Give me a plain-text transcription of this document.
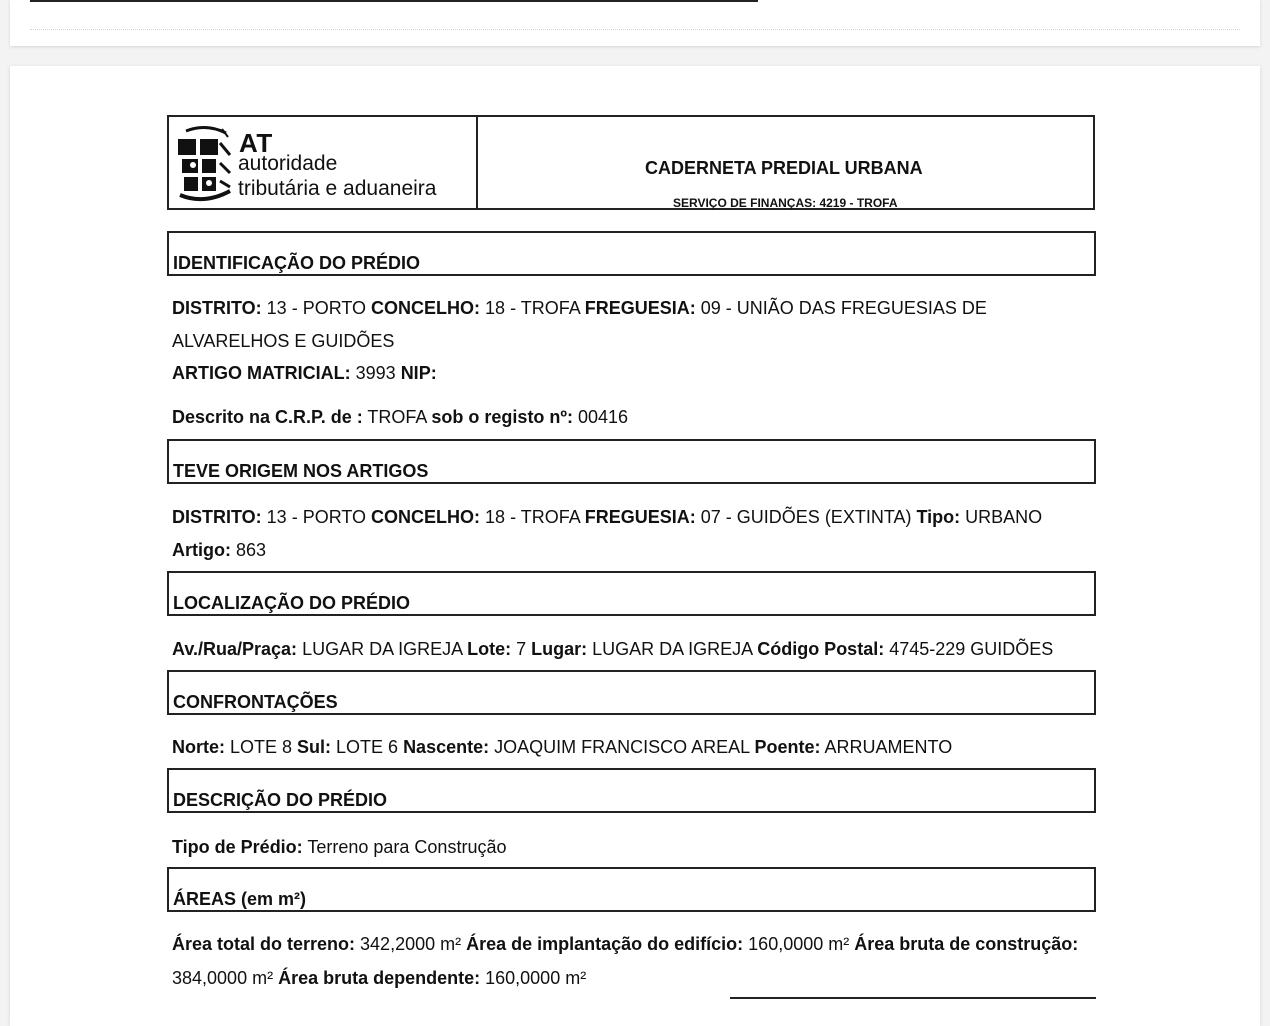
AT
autoridade
tributária e aduaneira
CADERNETA PREDIAL URBANA
SERVIÇO DE FINANÇAS: 4219 - TROFA
IDENTIFICAÇÃO DO PRÉDIO
DISTRITO: 13 - PORTO CONCELHO: 18 - TROFA FREGUESIA: 09 - UNIÃO DAS FREGUESIAS DE
ALVARELHOS E GUIDÕES
ARTIGO MATRICIAL: 3993 NIP:
Descrito na C.R.P. de : TROFA sob o registo nº: 00416
TEVE ORIGEM NOS ARTIGOS
DISTRITO: 13 - PORTO CONCELHO: 18 - TROFA FREGUESIA: 07 - GUIDÕES (EXTINTA) Tipo: URBANO
Artigo: 863
LOCALIZAÇÃO DO PRÉDIO
Av./Rua/Praça: LUGAR DA IGREJA Lote: 7 Lugar: LUGAR DA IGREJA Código Postal: 4745-229 GUIDÕES
CONFRONTAÇÕES
Norte: LOTE 8 Sul: LOTE 6 Nascente: JOAQUIM FRANCISCO AREAL Poente: ARRUAMENTO
DESCRIÇÃO DO PRÉDIO
Tipo de Prédio: Terreno para Construção
ÁREAS (em m²)
Área total do terreno: 342,2000 m² Área de implantação do edifício: 160,0000 m² Área bruta de construção:
384,0000 m² Área bruta dependente: 160,0000 m²
